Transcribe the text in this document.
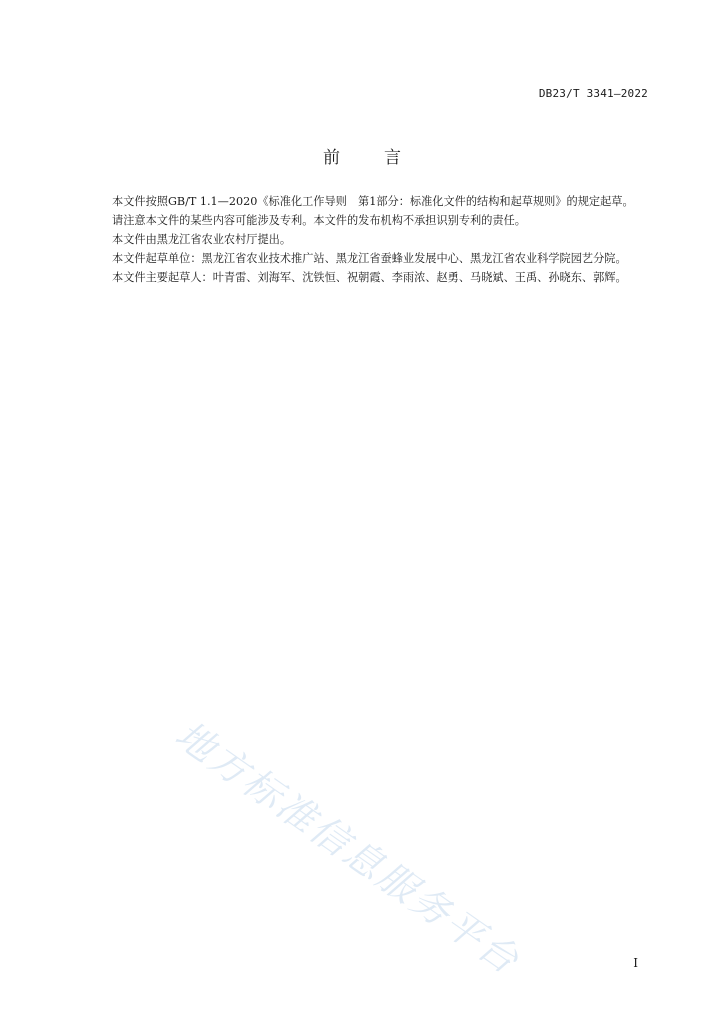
DB23/T 3341—2022
前	言

本文件按照GB/T 1.1—2020《标准化工作导则　第1部分：标准化文件的结构和起草规则》的规定起草。

请注意本文件的某些内容可能涉及专利。本文件的发布机构不承担识别专利的责任。

本文件由黑龙江省农业农村厅提出。

本文件起草单位：黑龙江省农业技术推广站、黑龙江省蚕蜂业发展中心、黑龙江省农业科学院园艺分院。

本文件主要起草人：叶青雷、刘海军、沈铁恒、祝朝霞、李雨浓、赵勇、马晓斌、王禹、孙晓东、郭辉。

地方标准信息服务平台	I
